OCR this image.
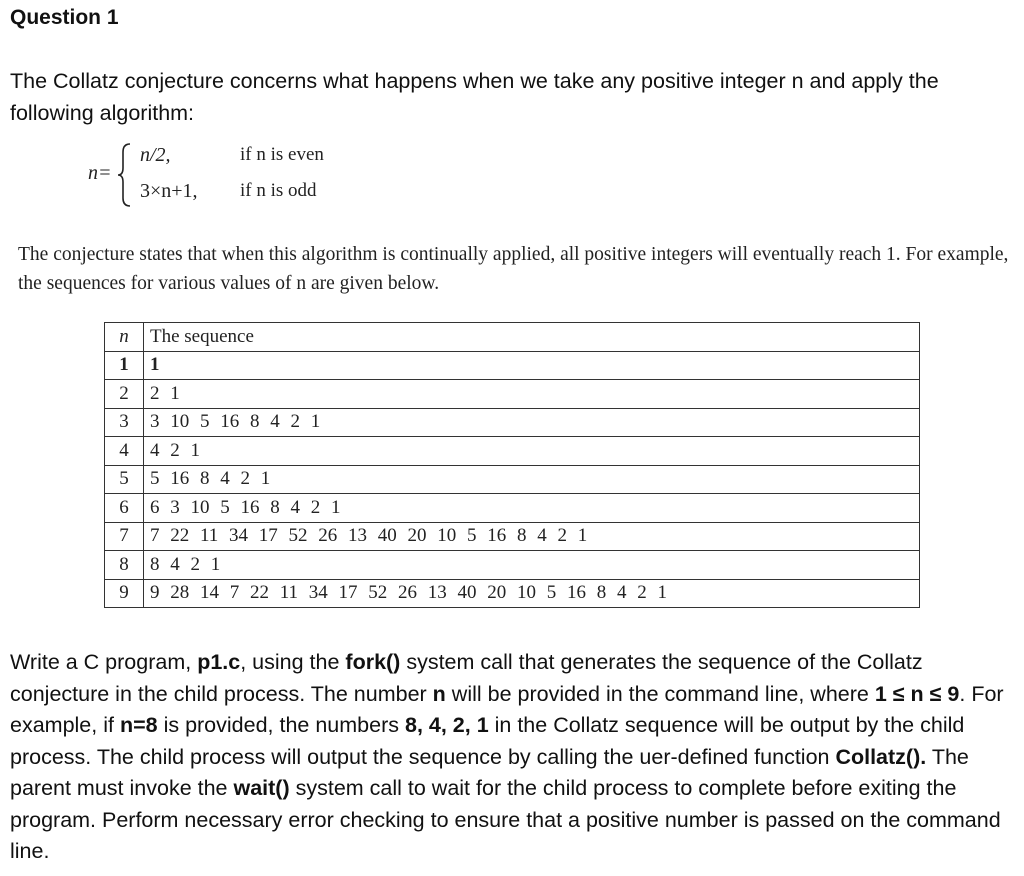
Question 1
The Collatz conjecture concerns what happens when we take any positive integer n and apply the following algorithm:
n=
n/2,	if n is even
3×n+1, if n is odd
The conjecture states that when this algorithm is continually applied, all positive integers will eventually reach 1. For example, the sequences for various values of n are given below.
n	The sequence
1	1
2	2 1
3	3 10 5 16 8 4 2 1
4	4 2 1
5	5 16 8 4 2 1
6	6 3 10 5 16 8 4 2 1
7	7 22 11 34 17 52 26 13 40 20 10 5 16 8 4 2 1
8	8 4 2 1
9	9 28 14 7 22 11 34 17 52 26 13 40 20 10 5 16 8 4 2 1
Write a C program, p1.c, using the fork() system call that generates the sequence of the Collatz conjecture in the child process. The number n will be provided in the command line, where 1 ≤ n ≤ 9. For example, if n=8 is provided, the numbers 8, 4, 2, 1 in the Collatz sequence will be output by the child process. The child process will output the sequence by calling the uer-defined function Collatz(). The parent must invoke the wait() system call to wait for the child process to complete before exiting the program. Perform necessary error checking to ensure that a positive number is passed on the command line.
